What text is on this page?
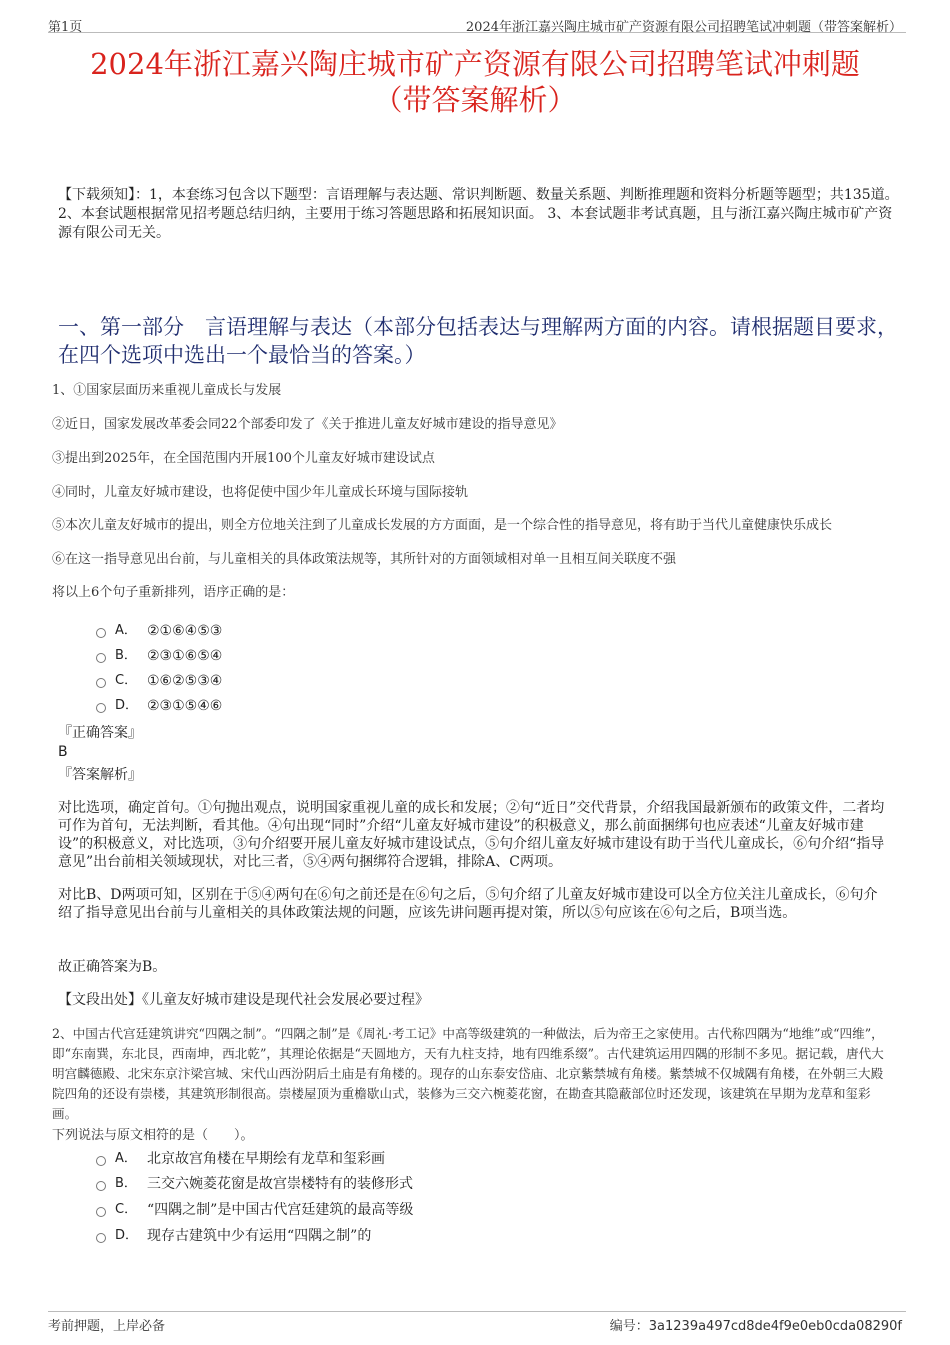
第1页	2024年浙江嘉兴陶庄城市矿产资源有限公司招聘笔试冲刺题（带答案解析）
2024年浙江嘉兴陶庄城市矿产资源有限公司招聘笔试冲刺题
（带答案解析）
【下载须知】：1，本套练习包含以下题型：言语理解与表达题、常识判断题、数量关系题、判断推理题和资料分析题等题型；共135道。 2、本套试题根据常见招考题总结归纳，主要用于练习答题思路和拓展知识面。 3、本套试题非考试真题，且与浙江嘉兴陶庄城市矿产资源有限公司无关。
一、第一部分　言语理解与表达（本部分包括表达与理解两方面的内容。请根据题目要求，在四个选项中选出一个最恰当的答案。）
1、①国家层面历来重视儿童成长与发展
②近日，国家发展改革委会同22个部委印发了《关于推进儿童友好城市建设的指导意见》
③提出到2025年，在全国范围内开展100个儿童友好城市建设试点
④同时，儿童友好城市建设，也将促使中国少年儿童成长环境与国际接轨
⑤本次儿童友好城市的提出，则全方位地关注到了儿童成长发展的方方面面，是一个综合性的指导意见，将有助于当代儿童健康快乐成长
⑥在这一指导意见出台前，与儿童相关的具体政策法规等，其所针对的方面领域相对单一且相互间关联度不强
将以上6个句子重新排列，语序正确的是：
A． ②①⑥④⑤③
B． ②③①⑥⑤④
C． ①⑥②⑤③④
D． ②③①⑤④⑥
『正确答案』
B
『答案解析』
对比选项，确定首句。①句抛出观点，说明国家重视儿童的成长和发展；②句“近日”交代背景，介绍我国最新颁布的政策文件，二者均可作为首句，无法判断，看其他。④句出现“同时”介绍“儿童友好城市建设”的积极意义，那么前面捆绑句也应表述“儿童友好城市建设”的积极意义，对比选项，③句介绍要开展儿童友好城市建设试点，⑤句介绍儿童友好城市建设有助于当代儿童成长，⑥句介绍“指导意见”出台前相关领域现状，对比三者，⑤④两句捆绑符合逻辑，排除A、C两项。
对比B、D两项可知，区别在于⑤④两句在⑥句之前还是在⑥句之后，⑤句介绍了儿童友好城市建设可以全方位关注儿童成长，⑥句介绍了指导意见出台前与儿童相关的具体政策法规的问题，应该先讲问题再提对策，所以⑤句应该在⑥句之后，B项当选。
故正确答案为B。
【文段出处】《儿童友好城市建设是现代社会发展必要过程》
2、中国古代宫廷建筑讲究“四隅之制”。“四隅之制”是《周礼·考工记》中高等级建筑的一种做法，后为帝王之家使用。古代称四隅为“地维”或“四维”，即“东南巽，东北艮，西南坤，西北乾”，其理论依据是“天圆地方，天有九柱支持，地有四维系缀”。古代建筑运用四隅的形制不多见。据记载，唐代大明宫麟德殿、北宋东京汴梁宫城、宋代山西汾阴后土庙是有角楼的。现存的山东泰安岱庙、北京紫禁城有角楼。紫禁城不仅城隅有角楼，在外朝三大殿院四角的还设有崇楼，其建筑形制很高。崇楼屋顶为重檐歇山式，装修为三交六椀菱花窗，在勘查其隐蔽部位时还发现，该建筑在早期为龙草和玺彩画。
下列说法与原文相符的是（　　）。
A． 北京故宫角楼在早期绘有龙草和玺彩画
B． 三交六婉菱花窗是故宫崇楼特有的装修形式
C． “四隅之制”是中国古代宫廷建筑的最高等级
D． 现存古建筑中少有运用“四隅之制”的
考前押题，上岸必备	编号：3a1239a497cd8de4f9e0eb0cda08290f
